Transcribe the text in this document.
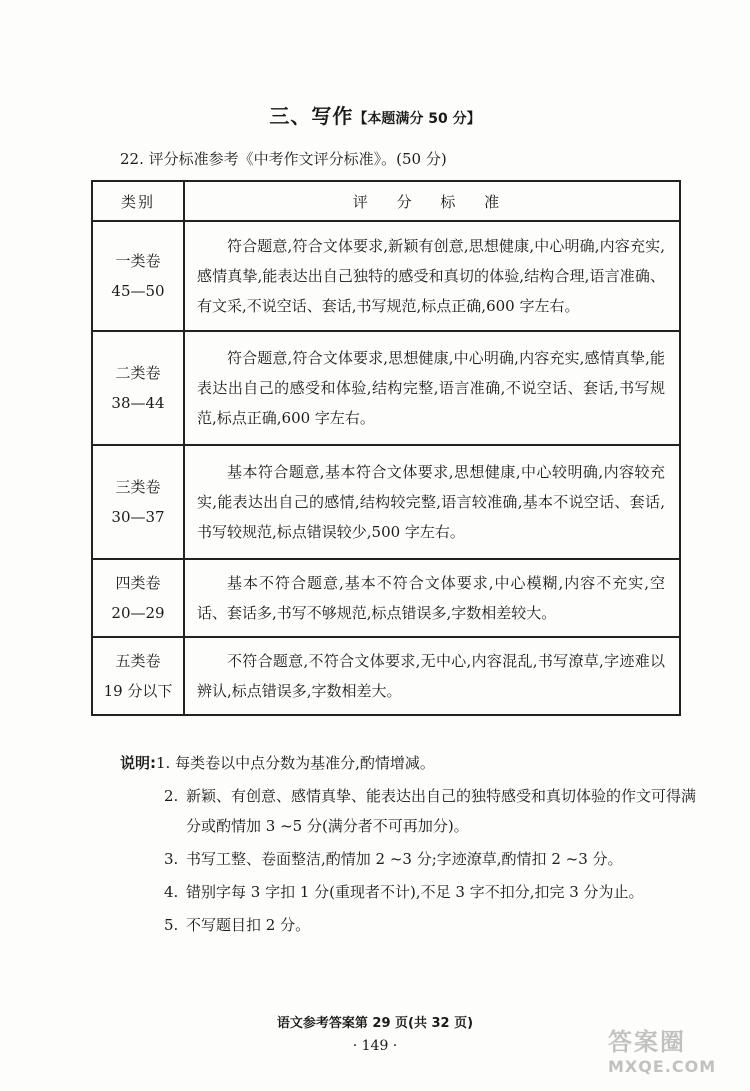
三、写作【本题满分 50 分】
22. 评分标准参考《中考作文评分标准》。(50 分)
类别	评 分 标 准

一类卷
45—50	符合题意,符合文体要求,新颖有创意,思想健康,中心明确,内容充实,感情真挚,能表达出自己独特的感受和真切的体验,结构合理,语言准确、有文采,不说空话、套话,书写规范,标点正确,600 字左右。

二类卷
38—44	符合题意,符合文体要求,思想健康,中心明确,内容充实,感情真挚,能表达出自己的感受和体验,结构完整,语言准确,不说空话、套话,书写规范,标点正确,600 字左右。

三类卷
30—37	基本符合题意,基本符合文体要求,思想健康,中心较明确,内容较充实,能表达出自己的感情,结构较完整,语言较准确,基本不说空话、套话,书写较规范,标点错误较少,500 字左右。

四类卷
20—29	基本不符合题意,基本不符合文体要求,中心模糊,内容不充实,空话、套话多,书写不够规范,标点错误多,字数相差较大。

五类卷
19 分以下	不符合题意,不符合文体要求,无中心,内容混乱,书写潦草,字迹难以辨认,标点错误多,字数相差大。
说明:1. 每类卷以中点分数为基准分,酌情增减。
2. 新颖、有创意、感情真挚、能表达出自己的独特感受和真切体验的作文可得满分或酌情加 3 ~5 分(满分者不可再加分)。
3. 书写工整、卷面整洁,酌情加 2 ~3 分;字迹潦草,酌情扣 2 ~3 分。
4. 错别字每 3 字扣 1 分(重现者不计),不足 3 字不扣分,扣完 3 分为止。
5. 不写题目扣 2 分。
语文参考答案第 29 页(共 32 页)
· 149 ·	答案圈
MXQE.COM
